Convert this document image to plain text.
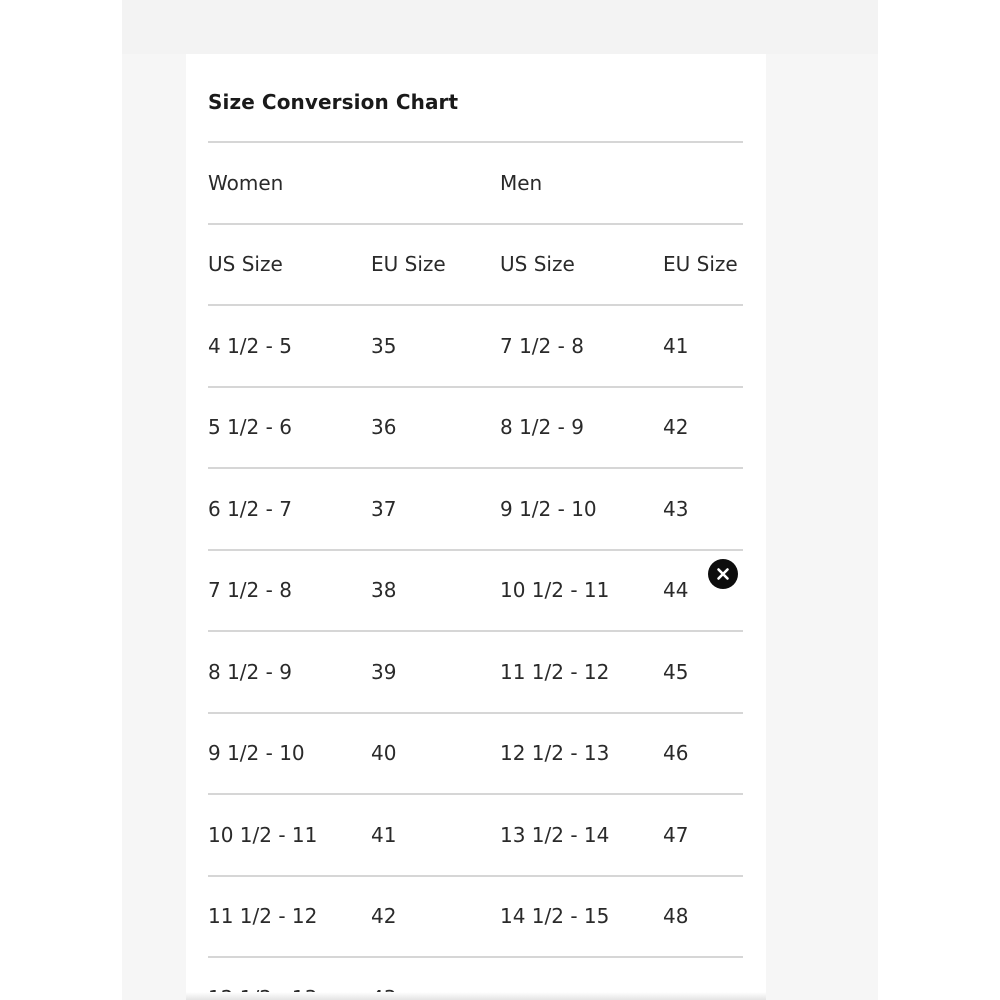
Size Conversion Chart
Women	Men
US Size	EU Size	US Size	EU Size
4 1/2 - 5	35	7 1/2 - 8	41
5 1/2 - 6	36	8 1/2 - 9	42
6 1/2 - 7	37	9 1/2 - 10	43
7 1/2 - 8	38	10 1/2 - 11	44
8 1/2 - 9	39	11 1/2 - 12	45
9 1/2 - 10	40	12 1/2 - 13	46
10 1/2 - 11	41	13 1/2 - 14	47
11 1/2 - 12	42	14 1/2 - 15	48
